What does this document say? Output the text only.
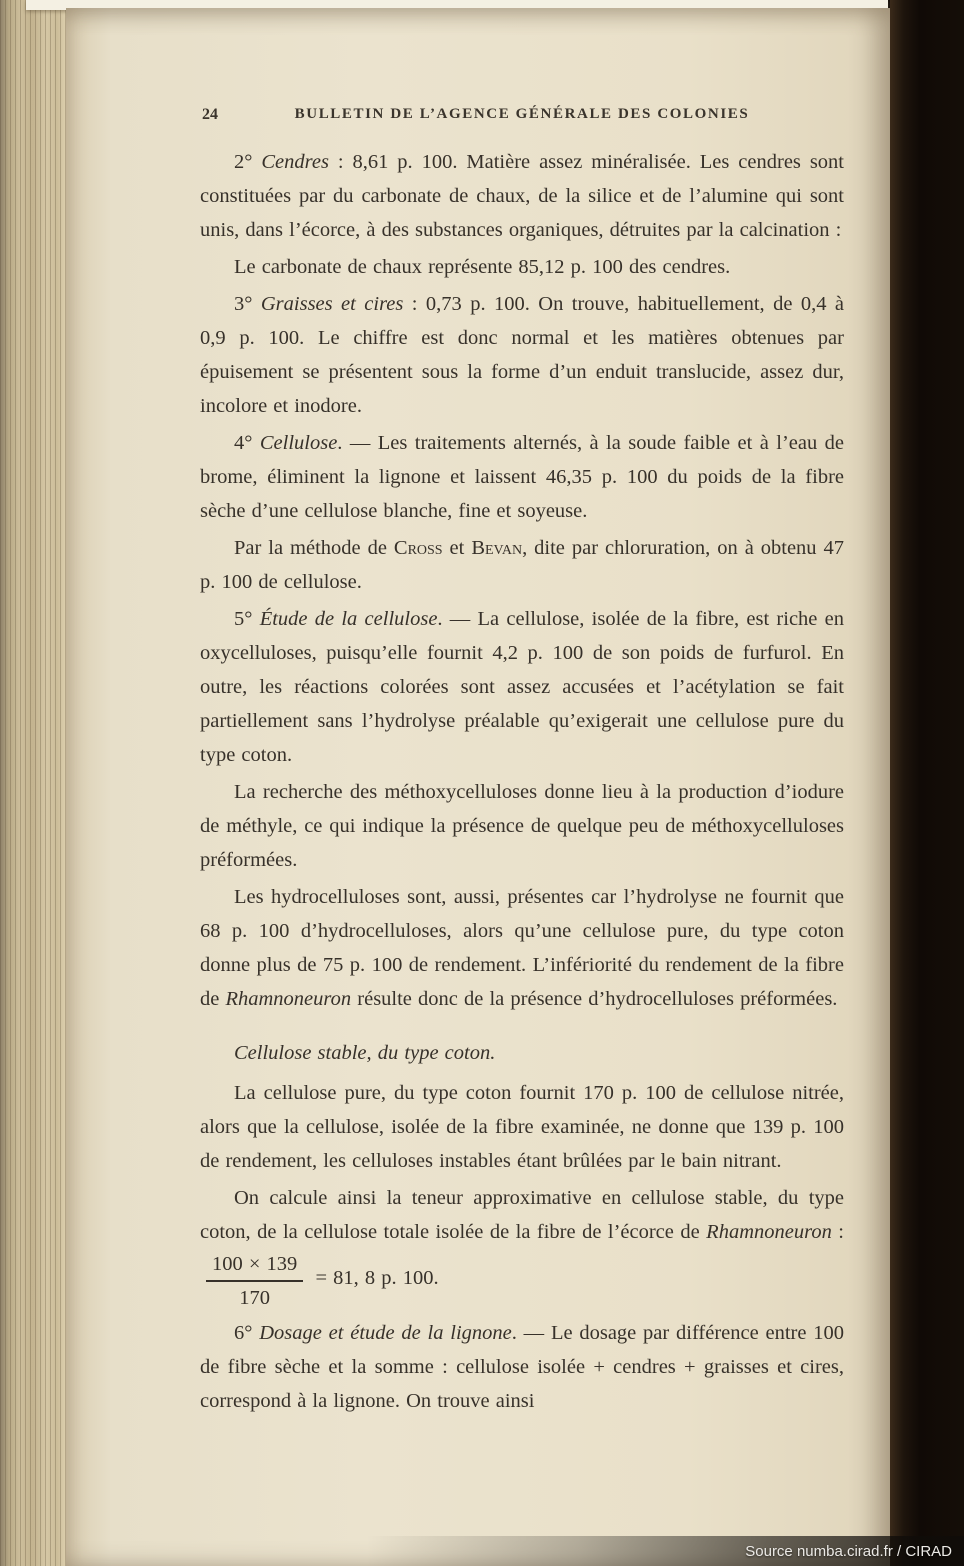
24	BULLETIN DE L’AGENCE GÉNÉRALE DES COLONIES

2° Cendres : 8,61 p. 100. Matière assez minéralisée. Les cendres sont constituées par du carbonate de chaux, de la silice et de l’alumine qui sont unis, dans l’écorce, à des substances organiques, détruites par la calcination :

Le carbonate de chaux représente 85,12 p. 100 des cendres.

3° Graisses et cires : 0,73 p. 100. On trouve, habituellement, de 0,4 à 0,9 p. 100. Le chiffre est donc normal et les matières obtenues par épuisement se présentent sous la forme d’un enduit translucide, assez dur, incolore et inodore.

4° Cellulose. — Les traitements alternés, à la soude faible et à l’eau de brome, éliminent la lignone et laissent 46,35 p. 100 du poids de la fibre sèche d’une cellulose blanche, fine et soyeuse.

Par la méthode de Cross et Bevan, dite par chloruration, on à obtenu 47 p. 100 de cellulose.

5° Étude de la cellulose. — La cellulose, isolée de la fibre, est riche en oxycelluloses, puisqu’elle fournit 4,2 p. 100 de son poids de furfurol. En outre, les réactions colorées sont assez accusées et l’acétylation se fait partiellement sans l’hydrolyse préalable qu’exigerait une cellulose pure du type coton.

La recherche des méthoxycelluloses donne lieu à la production d’iodure de méthyle, ce qui indique la présence de quelque peu de méthoxycelluloses préformées.

Les hydrocelluloses sont, aussi, présentes car l’hydrolyse ne fournit que 68 p. 100 d’hydrocelluloses, alors qu’une cellulose pure, du type coton donne plus de 75 p. 100 de rendement. L’infériorité du rendement de la fibre de Rhamnoneuron résulte donc de la présence d’hydrocelluloses préformées.

Cellulose stable, du type coton.

La cellulose pure, du type coton fournit 170 p. 100 de cellulose nitrée, alors que la cellulose, isolée de la fibre examinée, ne donne que 139 p. 100 de rendement, les celluloses instables étant brûlées par le bain nitrant.

On calcule ainsi la teneur approximative en cellulose stable, du type coton, de la cellulose totale isolée de la fibre de l’écorce de Rhamnoneuron :
$\frac{100 \times 139}{170} = 81$, 8 p. 100.

6° Dosage et étude de la lignone. — Le dosage par différence entre 100 de fibre sèche et la somme : cellulose isolée + cendres + graisses et cires, correspond à la lignone. On trouve ainsi

Source numba.cirad.fr / CIRAD
